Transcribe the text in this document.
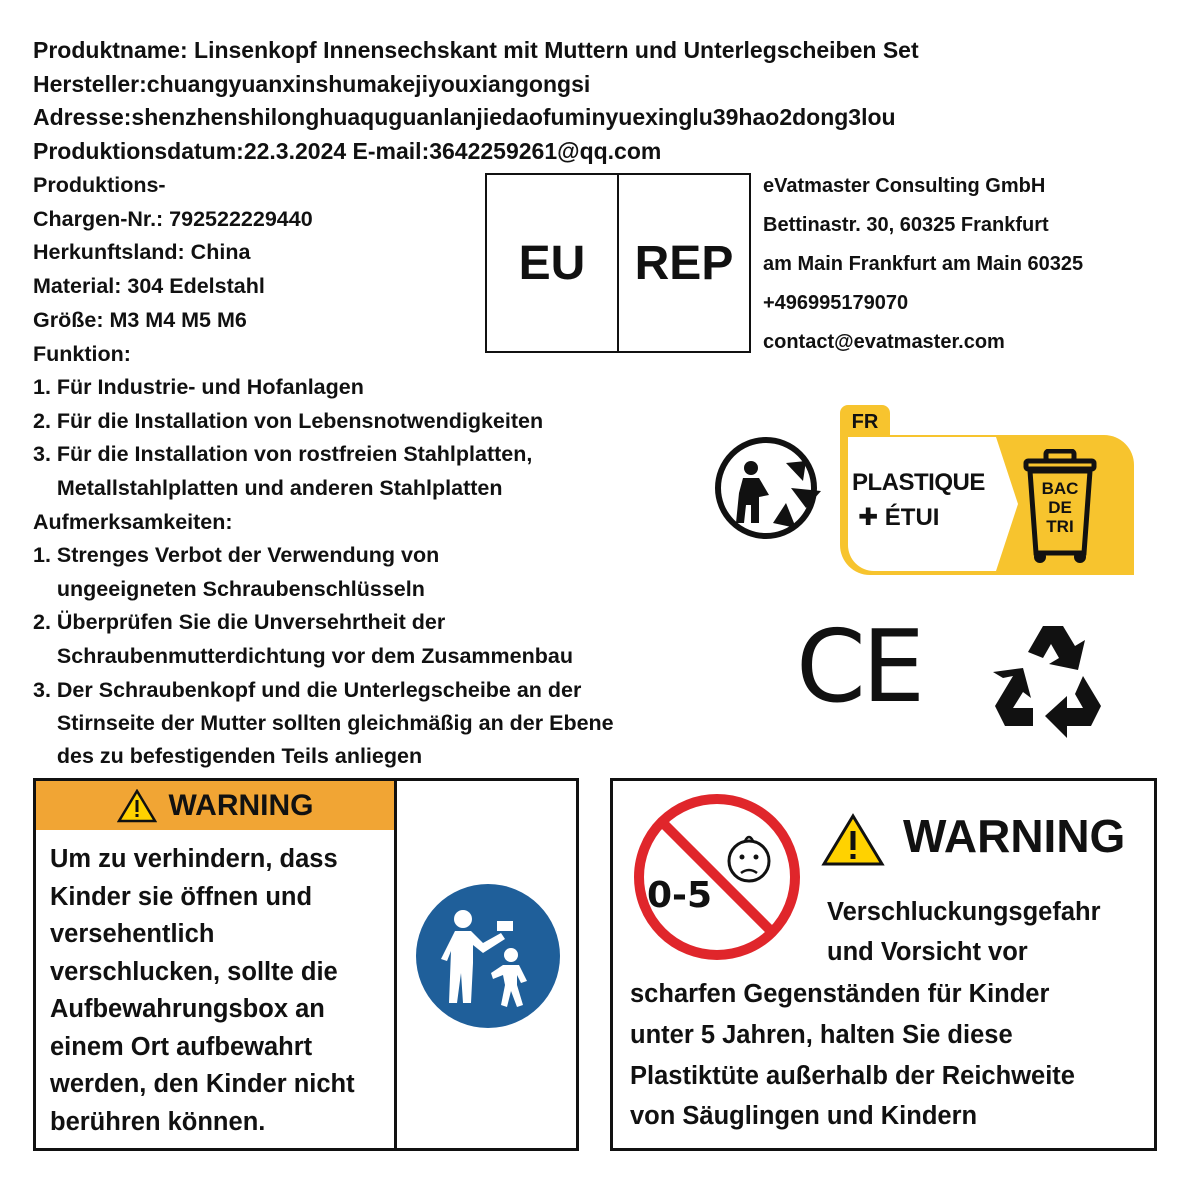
Produktname: Linsenkopf Innensechskant mit Muttern und Unterlegscheiben Set
Hersteller:chuangyuanxinshumakejiyouxiangongsi
Adresse:shenzhenshilonghuaquguanlanjiedaofuminyuexinglu39hao2dong3lou
Produktionsdatum:22.3.2024 E-mail:3642259261@qq.com
Produktions-
Chargen-Nr.: 792522229440
Herkunftsland: China
Material: 304 Edelstahl
Größe: M3 M4 M5 M6
Funktion:
1. Für Industrie- und Hofanlagen
2. Für die Installation von Lebensnotwendigkeiten
3. Für die Installation von rostfreien Stahlplatten,
Metallstahlplatten und anderen Stahlplatten
Aufmerksamkeiten:
1. Strenges Verbot der Verwendung von
ungeeigneten Schraubenschlüsseln
2. Überprüfen Sie die Unversehrtheit der
Schraubenmutterdichtung vor dem Zusammenbau
3. Der Schraubenkopf und die Unterlegscheibe an der
Stirnseite der Mutter sollten gleichmäßig an der Ebene
des zu befestigenden Teils anliegen
EU	REP
eVatmaster Consulting GmbH
Bettinastr. 30, 60325 Frankfurt
am Main Frankfurt am Main 60325
+496995179070
contact@evatmaster.com
FR
PLASTIQUE
✚ ÉTUI
BAC
DE
TRI
CE
WARNING
Um zu verhindern, dass Kinder sie öffnen und versehentlich verschlucken, sollte die Aufbewahrungsbox an einem Ort aufbewahrt werden, den Kinder nicht berühren können.
0-5
WARNING
Verschluckungsgefahr
und Vorsicht vor
scharfen Gegenständen für Kinder
unter 5 Jahren, halten Sie diese
Plastiktüte außerhalb der Reichweite
von Säuglingen und Kindern
